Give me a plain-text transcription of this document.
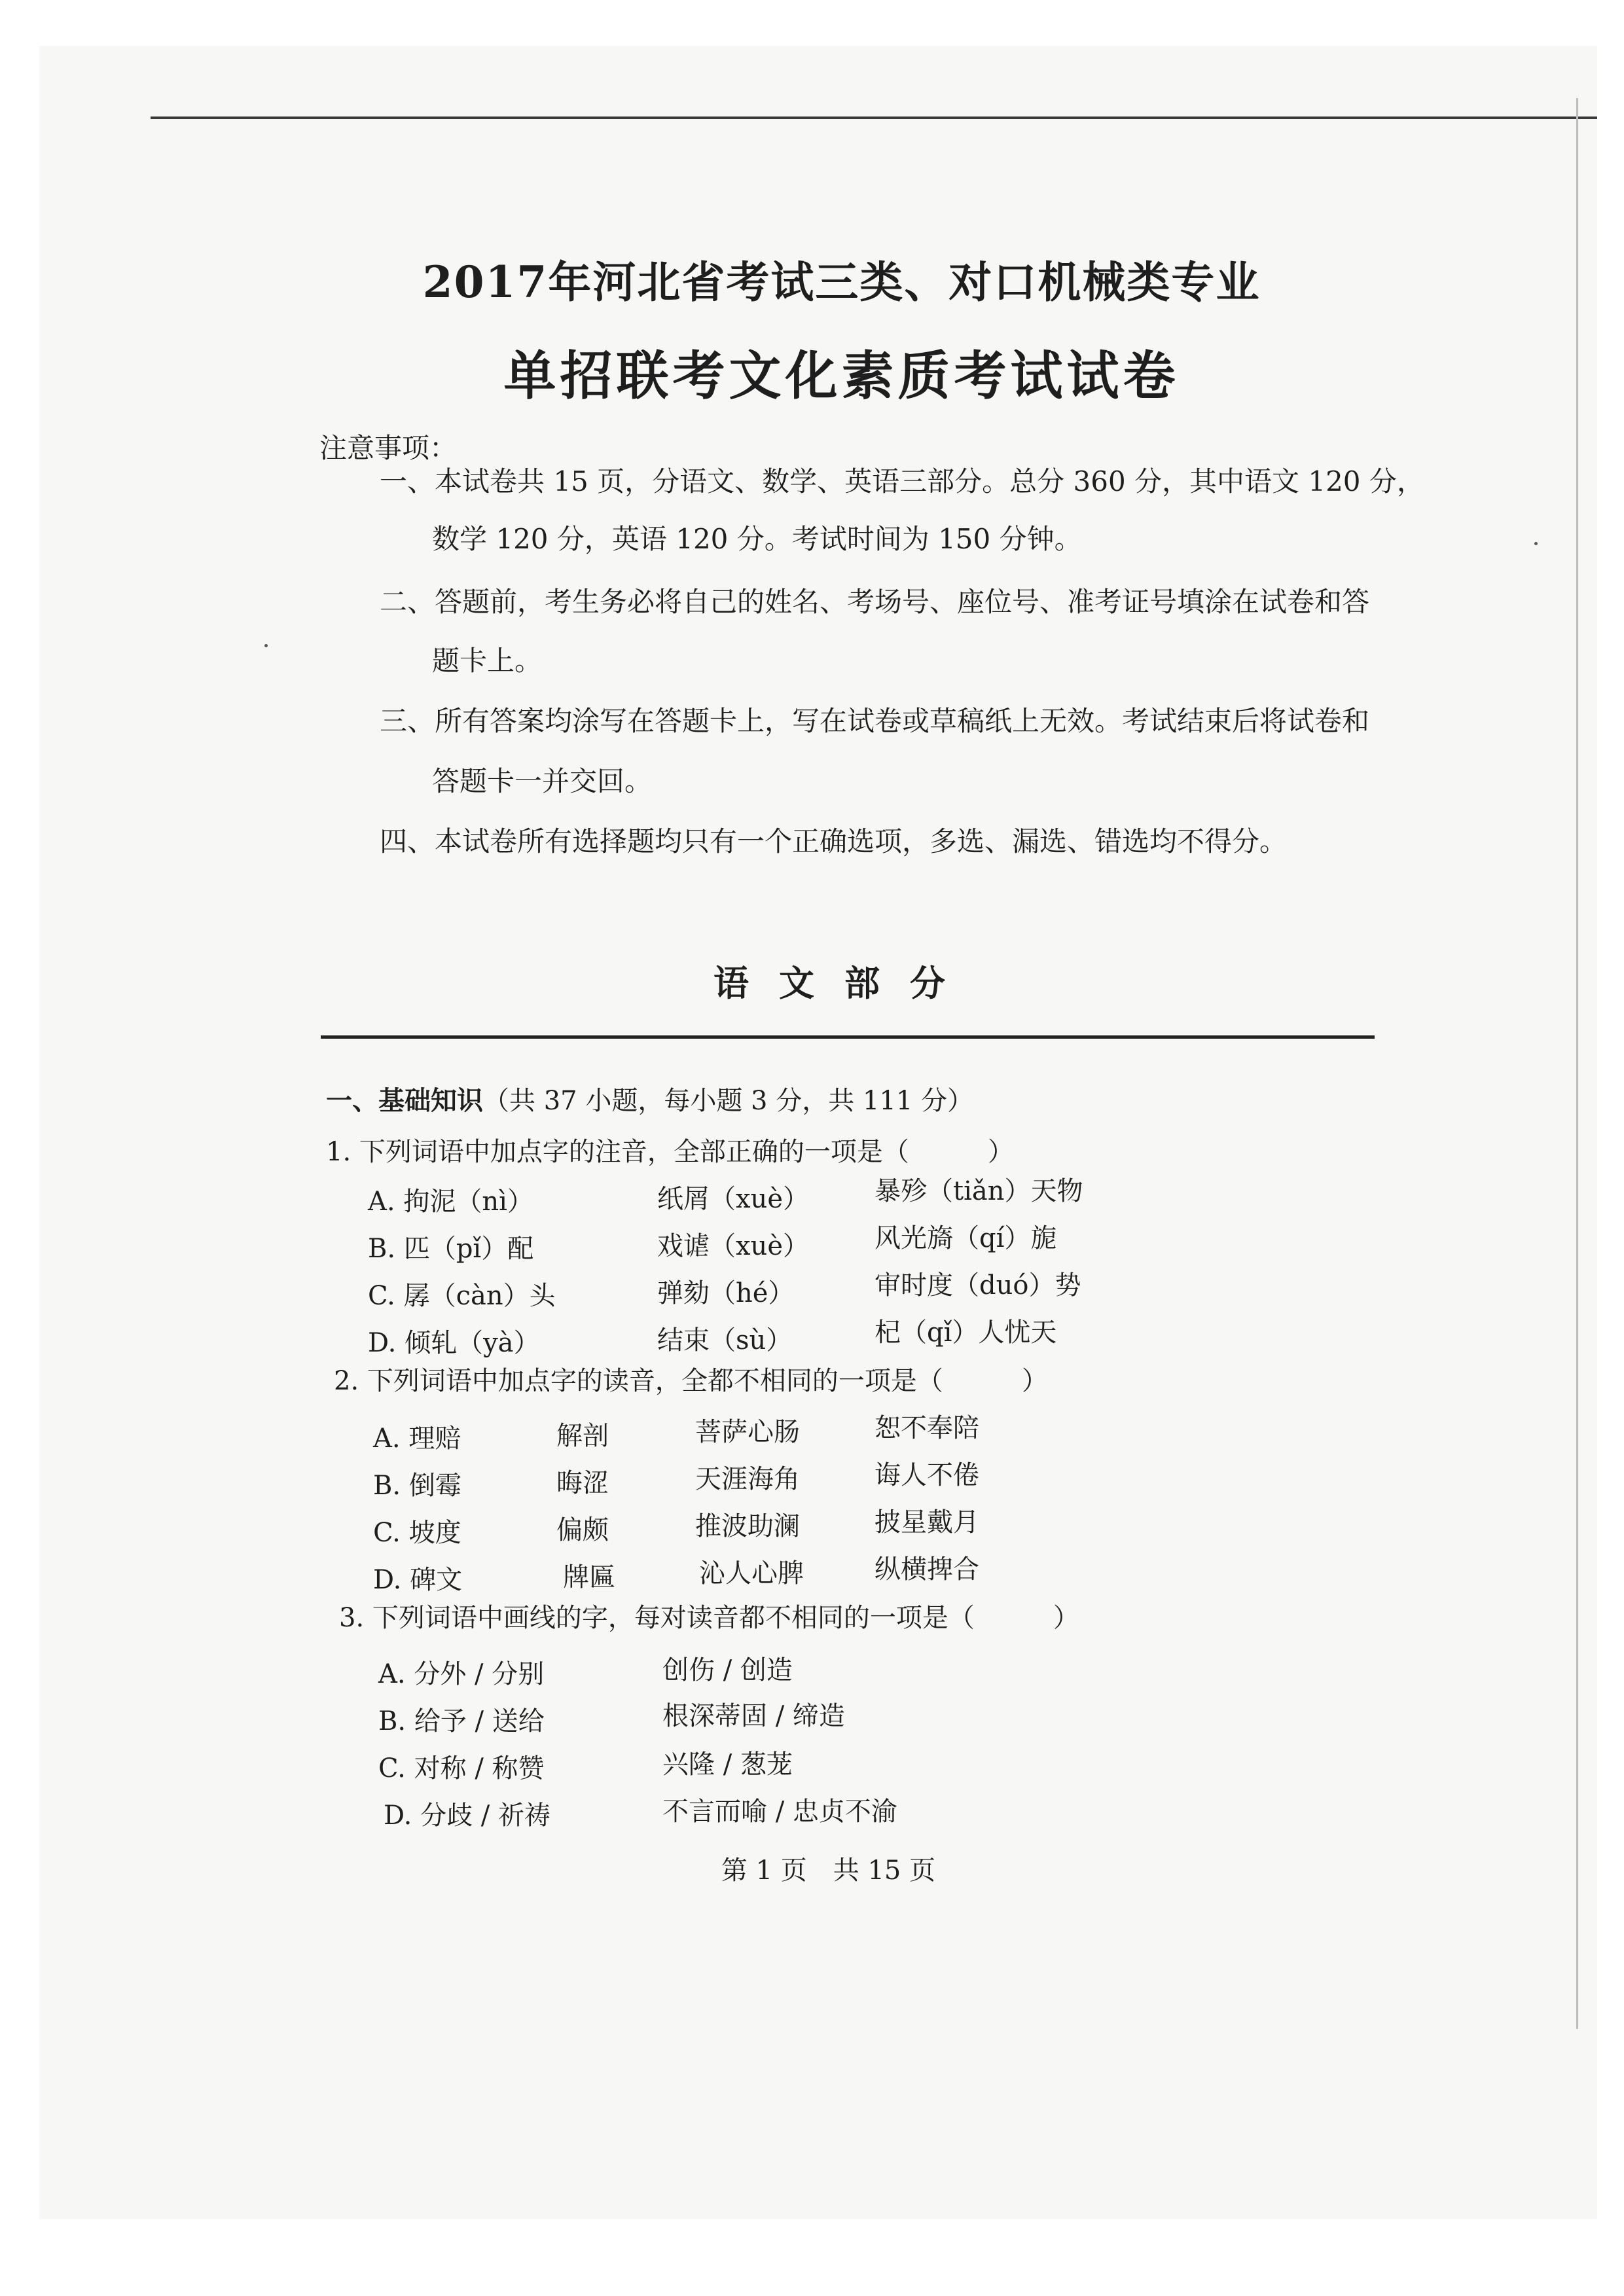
2017年河北省考试三类、对口机械类专业
单招联考文化素质考试试卷
注意事项：
一、本试卷共 15 页，分语文、数学、英语三部分。总分 360 分，其中语文 120 分，
数学 120 分，英语 120 分。考试时间为 150 分钟。
二、答题前，考生务必将自己的姓名、考场号、座位号、准考证号填涂在试卷和答
题卡上。
三、所有答案均涂写在答题卡上，写在试卷或草稿纸上无效。考试结束后将试卷和
答题卡一并交回。
四、本试卷所有选择题均只有一个正确选项，多选、漏选、错选均不得分。
语文部分
一、基础知识（共 37 小题，每小题 3 分，共 111 分）
1. 下列词语中加点字的注音，全部正确的一项是（　　　）
A. 拘泥（nì）	纸屑（xuè）	暴殄（tiǎn）天物
B. 匹（pǐ）配	戏谑（xuè）	风光旖（qí）旎
C. 孱（càn）头	弹劾（hé）	审时度（duó）势
D. 倾轧（yà）	结束（sù）	杞（qǐ）人忧天
2. 下列词语中加点字的读音，全都不相同的一项是（　　　）
A. 理赔	解剖	菩萨心肠	恕不奉陪
B. 倒霉	晦涩	天涯海角	诲人不倦
C. 坡度	偏颇	推波助澜	披星戴月
D. 碑文	牌匾	沁人心脾	纵横捭合
3. 下列词语中画线的字，每对读音都不相同的一项是（　　　）
A. 分外 / 分别	创伤 / 创造
B. 给予 / 送给	根深蒂固 / 缔造
C. 对称 / 称赞	兴隆 / 葱茏
D. 分歧 / 祈祷	不言而喻 / 忠贞不渝
第 1 页　共 15 页
